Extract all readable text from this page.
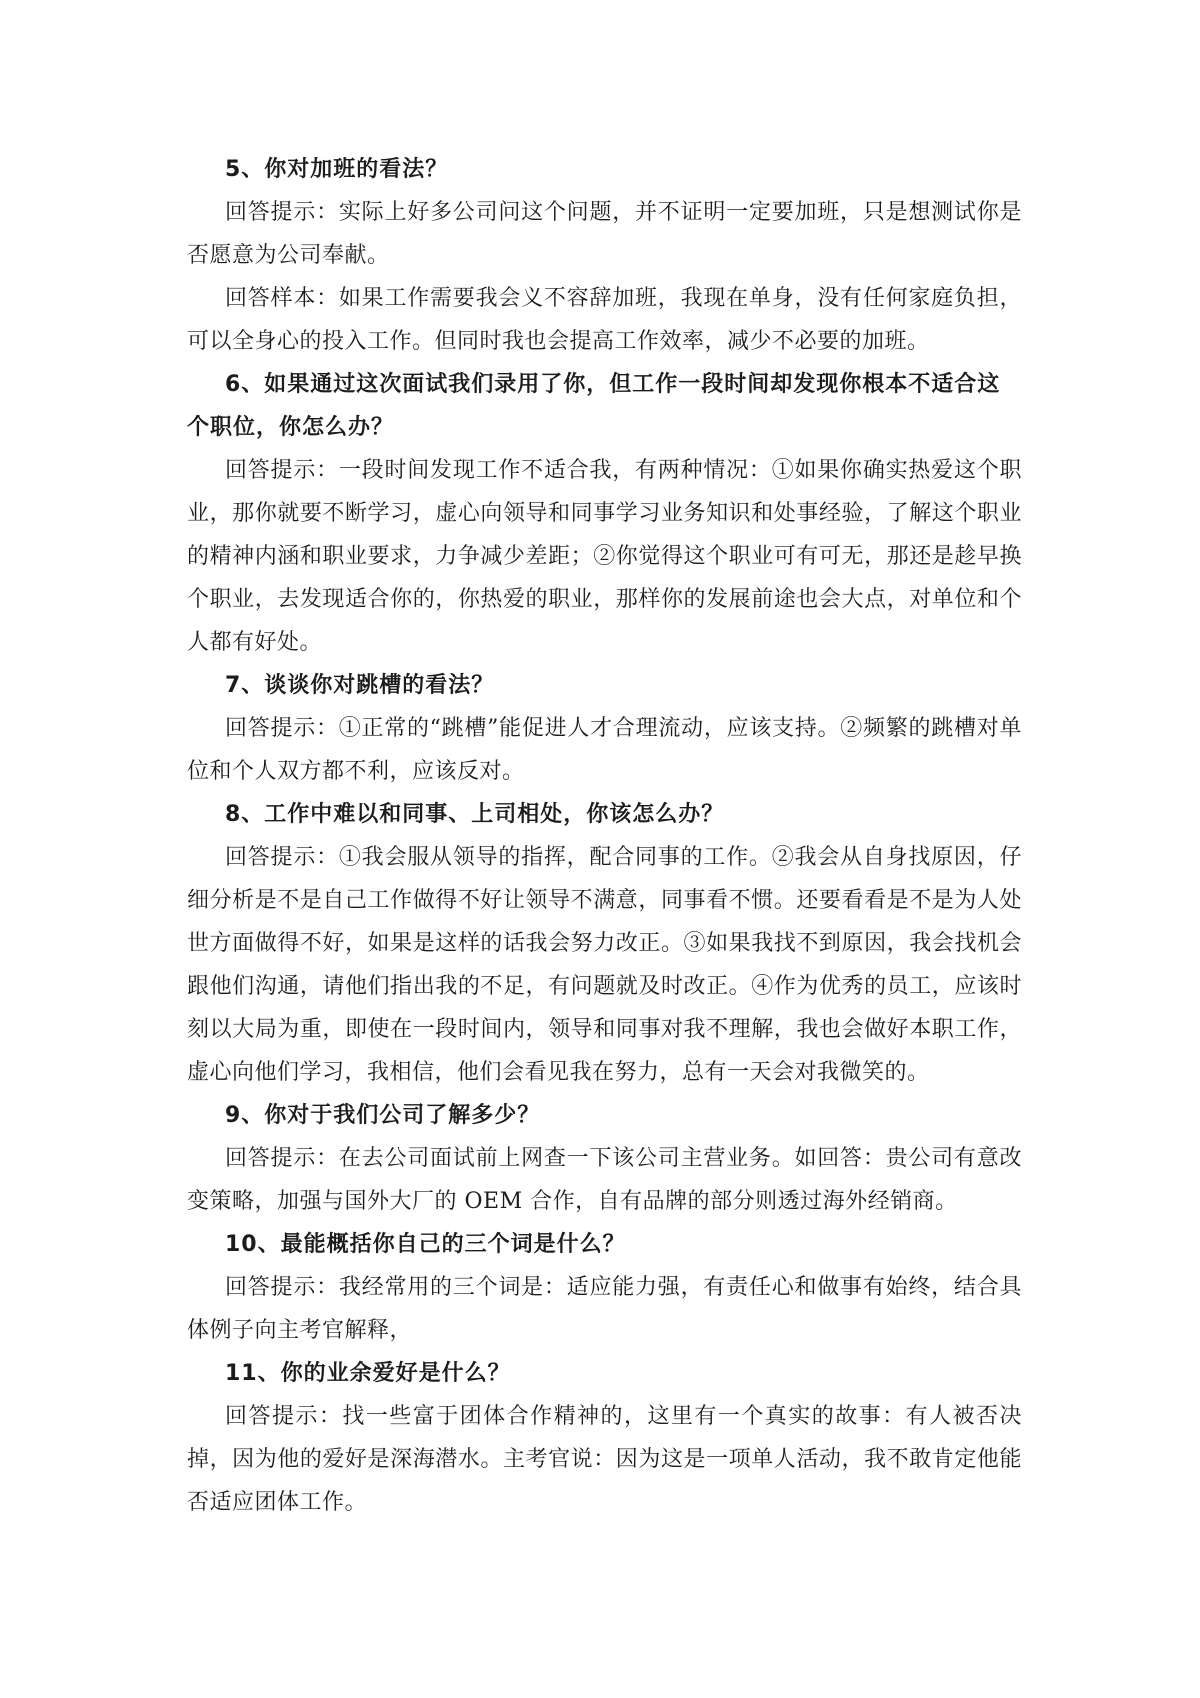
5、你对加班的看法？

回答提示：实际上好多公司问这个问题，并不证明一定要加班，只是想测试你是否愿意为公司奉献。

回答样本：如果工作需要我会义不容辞加班，我现在单身，没有任何家庭负担，可以全身心的投入工作。但同时我也会提高工作效率，减少不必要的加班。

6、如果通过这次面试我们录用了你，但工作一段时间却发现你根本不适合这个职位，你怎么办？

回答提示：一段时间发现工作不适合我，有两种情况：①如果你确实热爱这个职业，那你就要不断学习，虚心向领导和同事学习业务知识和处事经验，了解这个职业的精神内涵和职业要求，力争减少差距；②你觉得这个职业可有可无，那还是趁早换个职业，去发现适合你的，你热爱的职业，那样你的发展前途也会大点，对单位和个人都有好处。

7、谈谈你对跳槽的看法？

回答提示：①正常的“跳槽”能促进人才合理流动，应该支持。②频繁的跳槽对单位和个人双方都不利，应该反对。

8、工作中难以和同事、上司相处，你该怎么办？

回答提示：①我会服从领导的指挥，配合同事的工作。②我会从自身找原因，仔细分析是不是自己工作做得不好让领导不满意，同事看不惯。还要看看是不是为人处世方面做得不好，如果是这样的话我会努力改正。③如果我找不到原因，我会找机会跟他们沟通，请他们指出我的不足，有问题就及时改正。④作为优秀的员工，应该时刻以大局为重，即使在一段时间内，领导和同事对我不理解，我也会做好本职工作，虚心向他们学习，我相信，他们会看见我在努力，总有一天会对我微笑的。

9、你对于我们公司了解多少？

回答提示：在去公司面试前上网查一下该公司主营业务。如回答：贵公司有意改变策略，加强与国外大厂的 OEM 合作，自有品牌的部分则透过海外经销商。

10、最能概括你自己的三个词是什么？

回答提示：我经常用的三个词是：适应能力强，有责任心和做事有始终，结合具体例子向主考官解释，

11、你的业余爱好是什么？

回答提示：找一些富于团体合作精神的，这里有一个真实的故事：有人被否决掉，因为他的爱好是深海潜水。主考官说：因为这是一项单人活动，我不敢肯定他能否适应团体工作。
